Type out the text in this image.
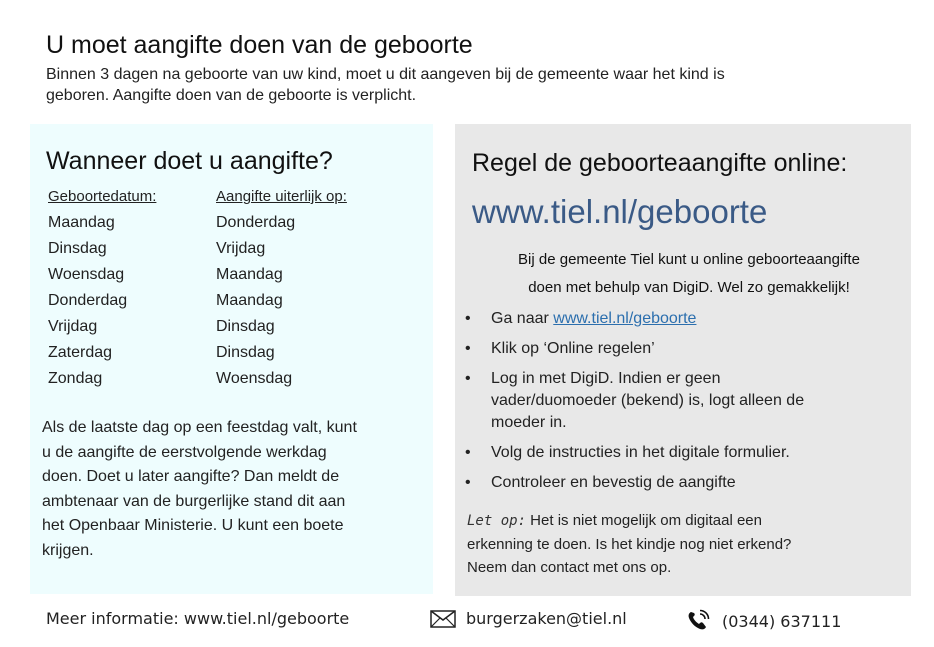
U moet aangifte doen van de geboorte

Binnen 3 dagen na geboorte van uw kind, moet u dit aangeven bij de gemeente waar het kind is
geboren. Aangifte doen van de geboorte is verplicht.

Wanneer doet u aangifte?
Geboortedatum:	Aangifte uiterlijk op:
Maandag	Donderdag
Dinsdag	Vrijdag
Woensdag	Maandag
Donderdag	Maandag
Vrijdag	Dinsdag
Zaterdag	Dinsdag
Zondag	Woensdag

Als de laatste dag op een feestdag valt, kunt
u de aangifte de eerstvolgende werkdag
doen. Doet u later aangifte? Dan meldt de
ambtenaar van de burgerlijke stand dit aan
het Openbaar Ministerie. U kunt een boete
krijgen.

Regel de geboorteaangifte online:
www.tiel.nl/geboorte

Bij de gemeente Tiel kunt u online geboorteaangifte
doen met behulp van DigiD. Wel zo gemakkelijk!

• Ga naar www.tiel.nl/geboorte
• Klik op ‘Online regelen’
• Log in met DigiD. Indien er geen
vader/duomoeder (bekend) is, logt alleen de
moeder in.
• Volg de instructies in het digitale formulier.
• Controleer en bevestig de aangifte

Let op: Het is niet mogelijk om digitaal een
erkenning te doen. Is het kindje nog niet erkend?
Neem dan contact met ons op.

Meer informatie: www.tiel.nl/geboorte	burgerzaken@tiel.nl	(0344) 637111
